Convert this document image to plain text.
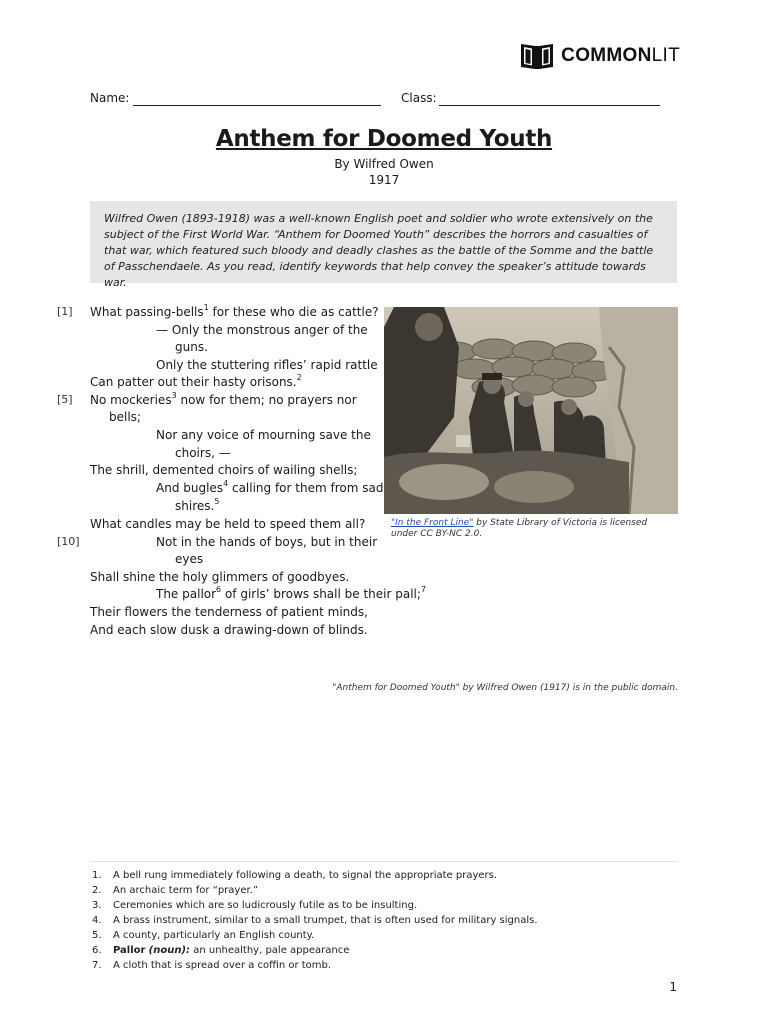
COMMONLIT
Name:	Class:
Anthem for Doomed Youth
By Wilfred Owen
1917
Wilfred Owen (1893-1918) was a well-known English poet and soldier who wrote extensively on the subject of the First World War. “Anthem for Doomed Youth” describes the horrors and casualties of that war, which featured such bloody and deadly clashes as the battle of the Somme and the battle of Passchendaele. As you read, identify keywords that help convey the speaker’s attitude towards war.
[1]
[5]
[10]
What passing-bells$^1$ for these who die as cattle?
— Only the monstrous anger of the
guns.
Only the stuttering rifles’ rapid rattle
Can patter out their hasty orisons.$^2$
No mockeries$^3$ now for them; no prayers nor
bells;
Nor any voice of mourning save the
choirs, —
The shrill, demented choirs of wailing shells;
And bugles$^4$ calling for them from sad
shires.$^5$
What candles may be held to speed them all?
Not in the hands of boys, but in their
eyes
Shall shine the holy glimmers of goodbyes.
The pallor$^6$ of girls’ brows shall be their pall;$^7$
Their flowers the tenderness of patient minds,
And each slow dusk a drawing-down of blinds.
"In the Front Line" by State Library of Victoria is licensed under CC BY-NC 2.0.
"Anthem for Doomed Youth" by Wilfred Owen (1917) is in the public domain.
1. A bell rung immediately following a death, to signal the appropriate prayers.
2. An archaic term for “prayer.”
3. Ceremonies which are so ludicrously futile as to be insulting.
4. A brass instrument, similar to a small trumpet, that is often used for military signals.
5. A county, particularly an English county.
6. Pallor (noun): an unhealthy, pale appearance
7. A cloth that is spread over a coffin or tomb.
1
